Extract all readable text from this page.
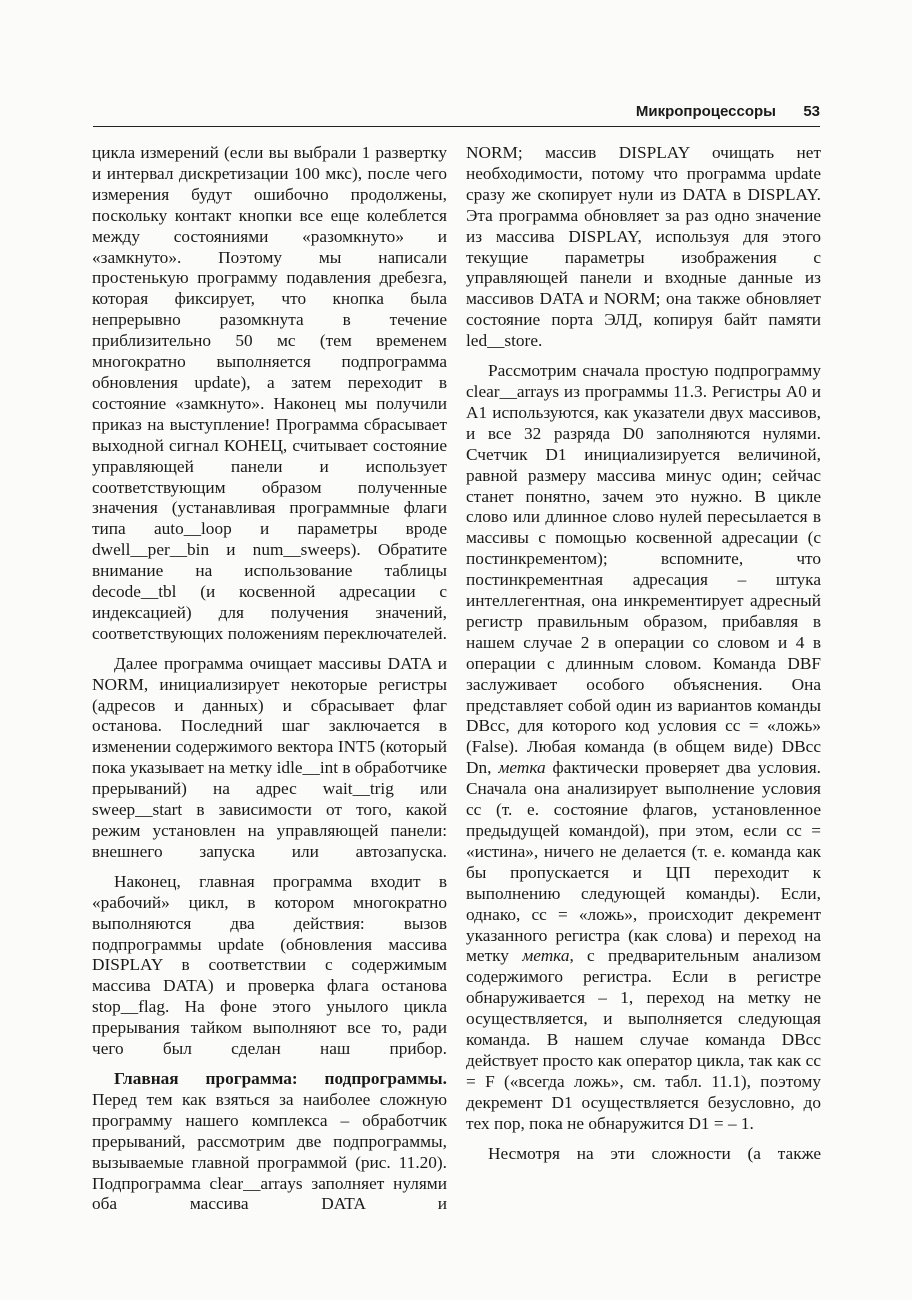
Микропроцессоры 53

цикла измерений (если вы выбрали 1 развертку и интервал дискретизации 100 мкс), после чего измерения будут ошибочно продолжены, поскольку контакт кнопки все еще колеблется между состояниями «разомкнуто» и «замкнуто». Поэтому мы написали простенькую программу подавления дребезга, которая фиксирует, что кнопка была непрерывно разомкнута в течение приблизительно 50 мс (тем временем многократно выполняется подпрограмма обновления update), а затем переходит в состояние «замкнуто». Наконец мы получили приказ на выступление! Программа сбрасывает выходной сигнал КОНЕЦ, считывает состояние управляющей панели и использует соответствующим образом полученные значения (устанавливая программные флаги типа auto__loop и параметры вроде dwell__per__bin и num__sweeps). Обратите внимание на использование таблицы decode__tbl (и косвенной адресации с индексацией) для получения значений, соответствующих положениям переключателей.

Далее программа очищает массивы DATA и NORM, инициализирует некоторые регистры (адресов и данных) и сбрасывает флаг останова. Последний шаг заключается в изменении содержимого вектора INT5 (который пока указывает на метку idle__int в обработчике прерываний) на адрес wait__trig или sweep__start в зависимости от того, какой режим установлен на управляющей панели: внешнего запуска или автозапуска.

Наконец, главная программа входит в «рабочий» цикл, в котором многократно выполняются два действия: вызов подпрограммы update (обновления массива DISPLAY в соответствии с содержимым массива DATA) и проверка флага останова stop__flag. На фоне этого унылого цикла прерывания тайком выполняют все то, ради чего был сделан наш прибор.

Главная программа: подпрограммы. Перед тем как взяться за наиболее сложную программу нашего комплекса – обработчик прерываний, рассмотрим две подпрограммы, вызываемые главной программой (рис. 11.20). Подпрограмма clear__arrays заполняет нулями оба массива DATA и

NORM; массив DISPLAY очищать нет необходимости, потому что программа update сразу же скопирует нули из DATA в DISPLAY. Эта программа обновляет за раз одно значение из массива DISPLAY, используя для этого текущие параметры изображения с управляющей панели и входные данные из массивов DATA и NORM; она также обновляет состояние порта ЭЛД, копируя байт памяти led__store.

Рассмотрим сначала простую подпрограмму clear__arrays из программы 11.3. Регистры A0 и A1 используются, как указатели двух массивов, и все 32 разряда D0 заполняются нулями. Счетчик D1 инициализируется величиной, равной размеру массива минус один; сейчас станет понятно, зачем это нужно. В цикле слово или длинное слово нулей пересылается в массивы с помощью косвенной адресации (с постинкрементом); вспомните, что постинкрементная адресация – штука интеллегентная, она инкрементирует адресный регистр правильным образом, прибавляя в нашем случае 2 в операции со словом и 4 в операции с длинным словом. Команда DBF заслуживает особого объяснения. Она представляет собой один из вариантов команды DBcc, для которого код условия cc = «ложь» (False). Любая команда (в общем виде) DBcc Dn, метка фактически проверяет два условия. Сначала она анализирует выполнение условия cc (т. е. состояние флагов, установленное предыдущей командой), при этом, если cc = «истина», ничего не делается (т. е. команда как бы пропускается и ЦП переходит к выполнению следующей команды). Если, однако, cc = «ложь», происходит декремент указанного регистра (как слова) и переход на метку метка, с предварительным анализом содержимого регистра. Если в регистре обнаруживается – 1, переход на метку не осуществляется, и выполняется следующая команда. В нашем случае команда DBcc действует просто как оператор цикла, так как cc = F («всегда ложь», см. табл. 11.1), поэтому декремент D1 осуществляется безусловно, до тех пор, пока не обнаружится D1 = – 1.

Несмотря на эти сложности (а также
